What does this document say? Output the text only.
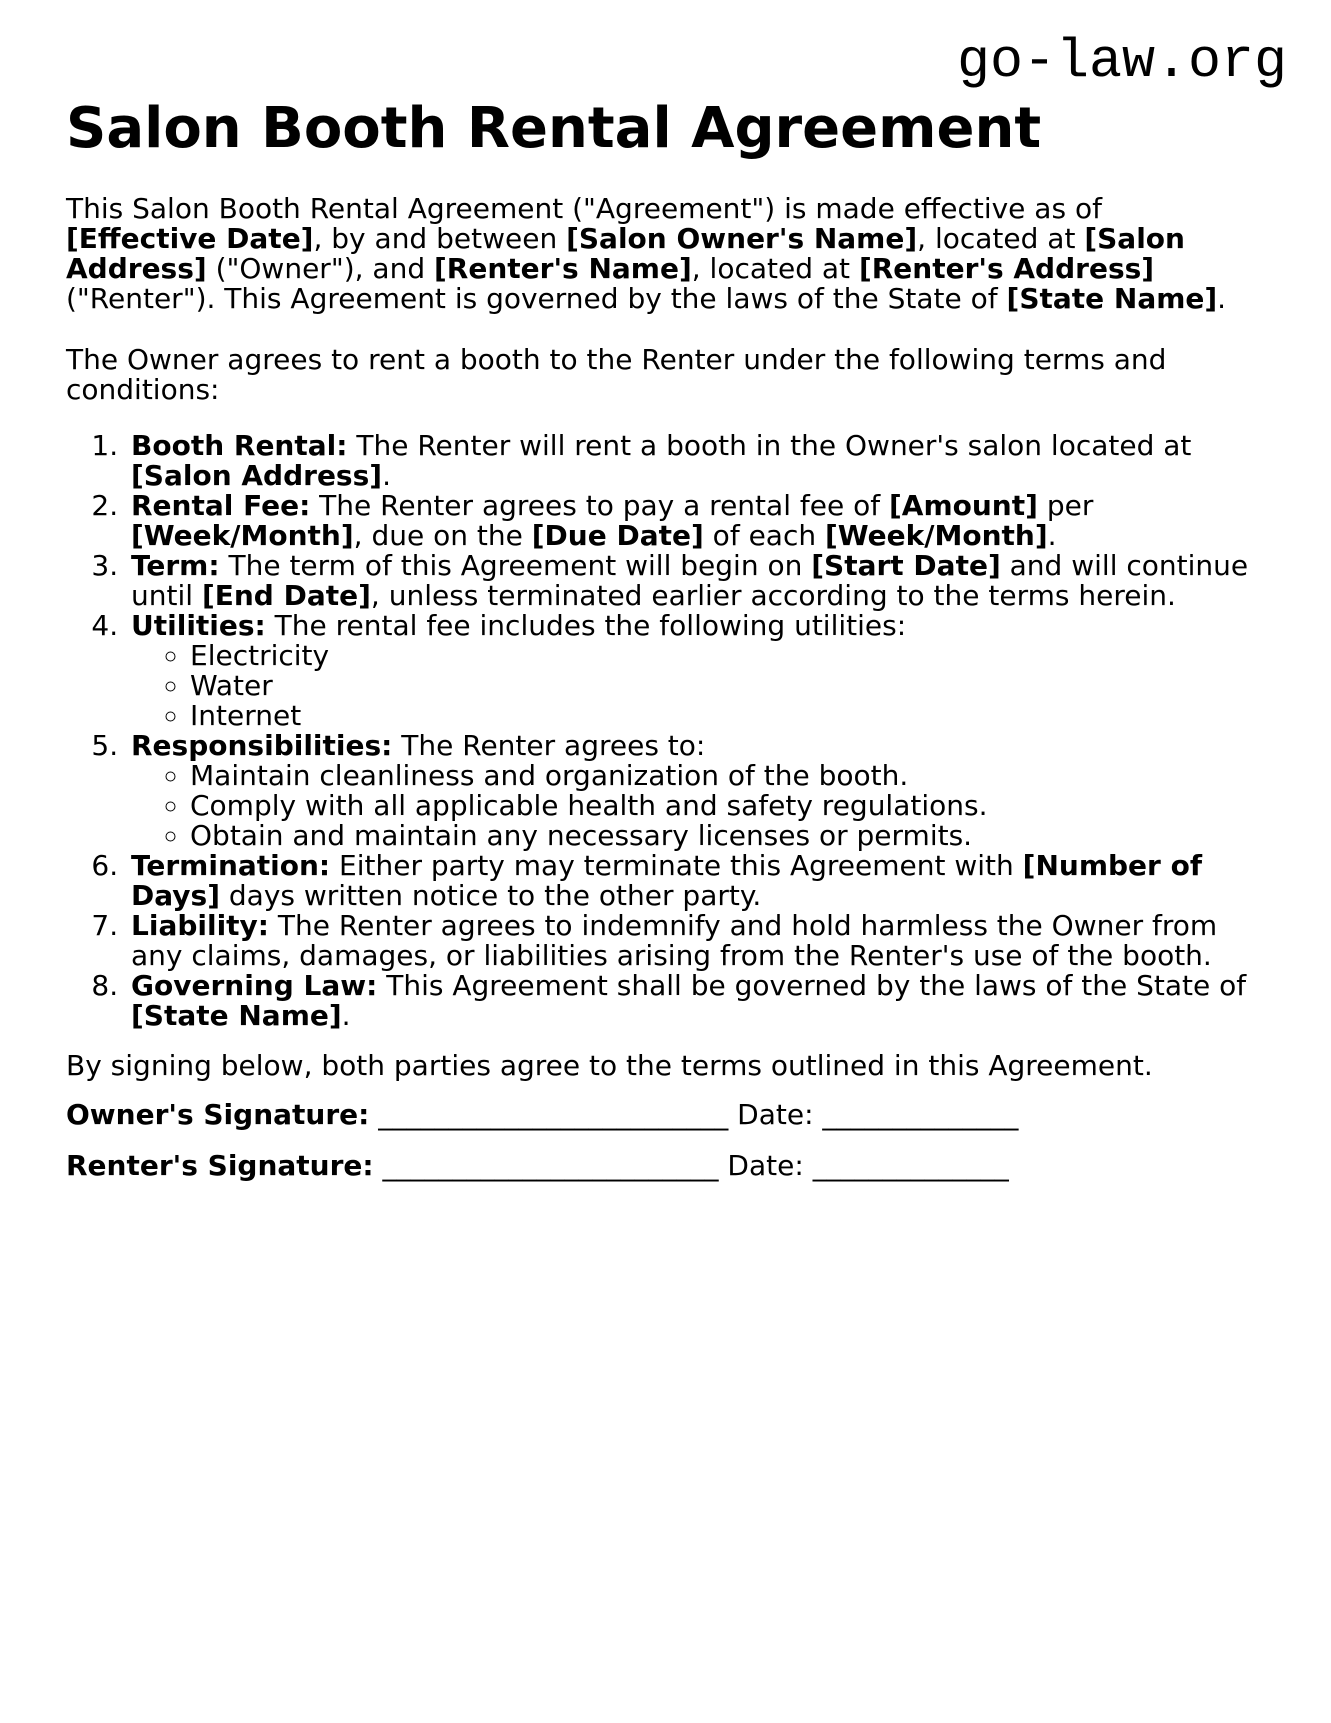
go-law.org
Salon Booth Rental Agreement

This Salon Booth Rental Agreement ("Agreement") is made effective as of [Effective Date], by and between [Salon Owner's Name], located at [Salon Address] ("Owner"), and [Renter's Name], located at [Renter's Address] ("Renter"). This Agreement is governed by the laws of the State of [State Name].

The Owner agrees to rent a booth to the Renter under the following terms and conditions:

1. Booth Rental: The Renter will rent a booth in the Owner's salon located at [Salon Address].
2. Rental Fee: The Renter agrees to pay a rental fee of [Amount] per [Week/Month], due on the [Due Date] of each [Week/Month].
3. Term: The term of this Agreement will begin on [Start Date] and will continue until [End Date], unless terminated earlier according to the terms herein.
4. Utilities: The rental fee includes the following utilities:
◦ Electricity
◦ Water
◦ Internet
5. Responsibilities: The Renter agrees to:
◦ Maintain cleanliness and organization of the booth.
◦ Comply with all applicable health and safety regulations.
◦ Obtain and maintain any necessary licenses or permits.
6. Termination: Either party may terminate this Agreement with [Number of Days] days written notice to the other party.
7. Liability: The Renter agrees to indemnify and hold harmless the Owner from any claims, damages, or liabilities arising from the Renter's use of the booth.
8. Governing Law: This Agreement shall be governed by the laws of the State of [State Name].

By signing below, both parties agree to the terms outlined in this Agreement.

Owner's Signature: _________________________ Date: ______________

Renter's Signature: ________________________ Date: ______________
